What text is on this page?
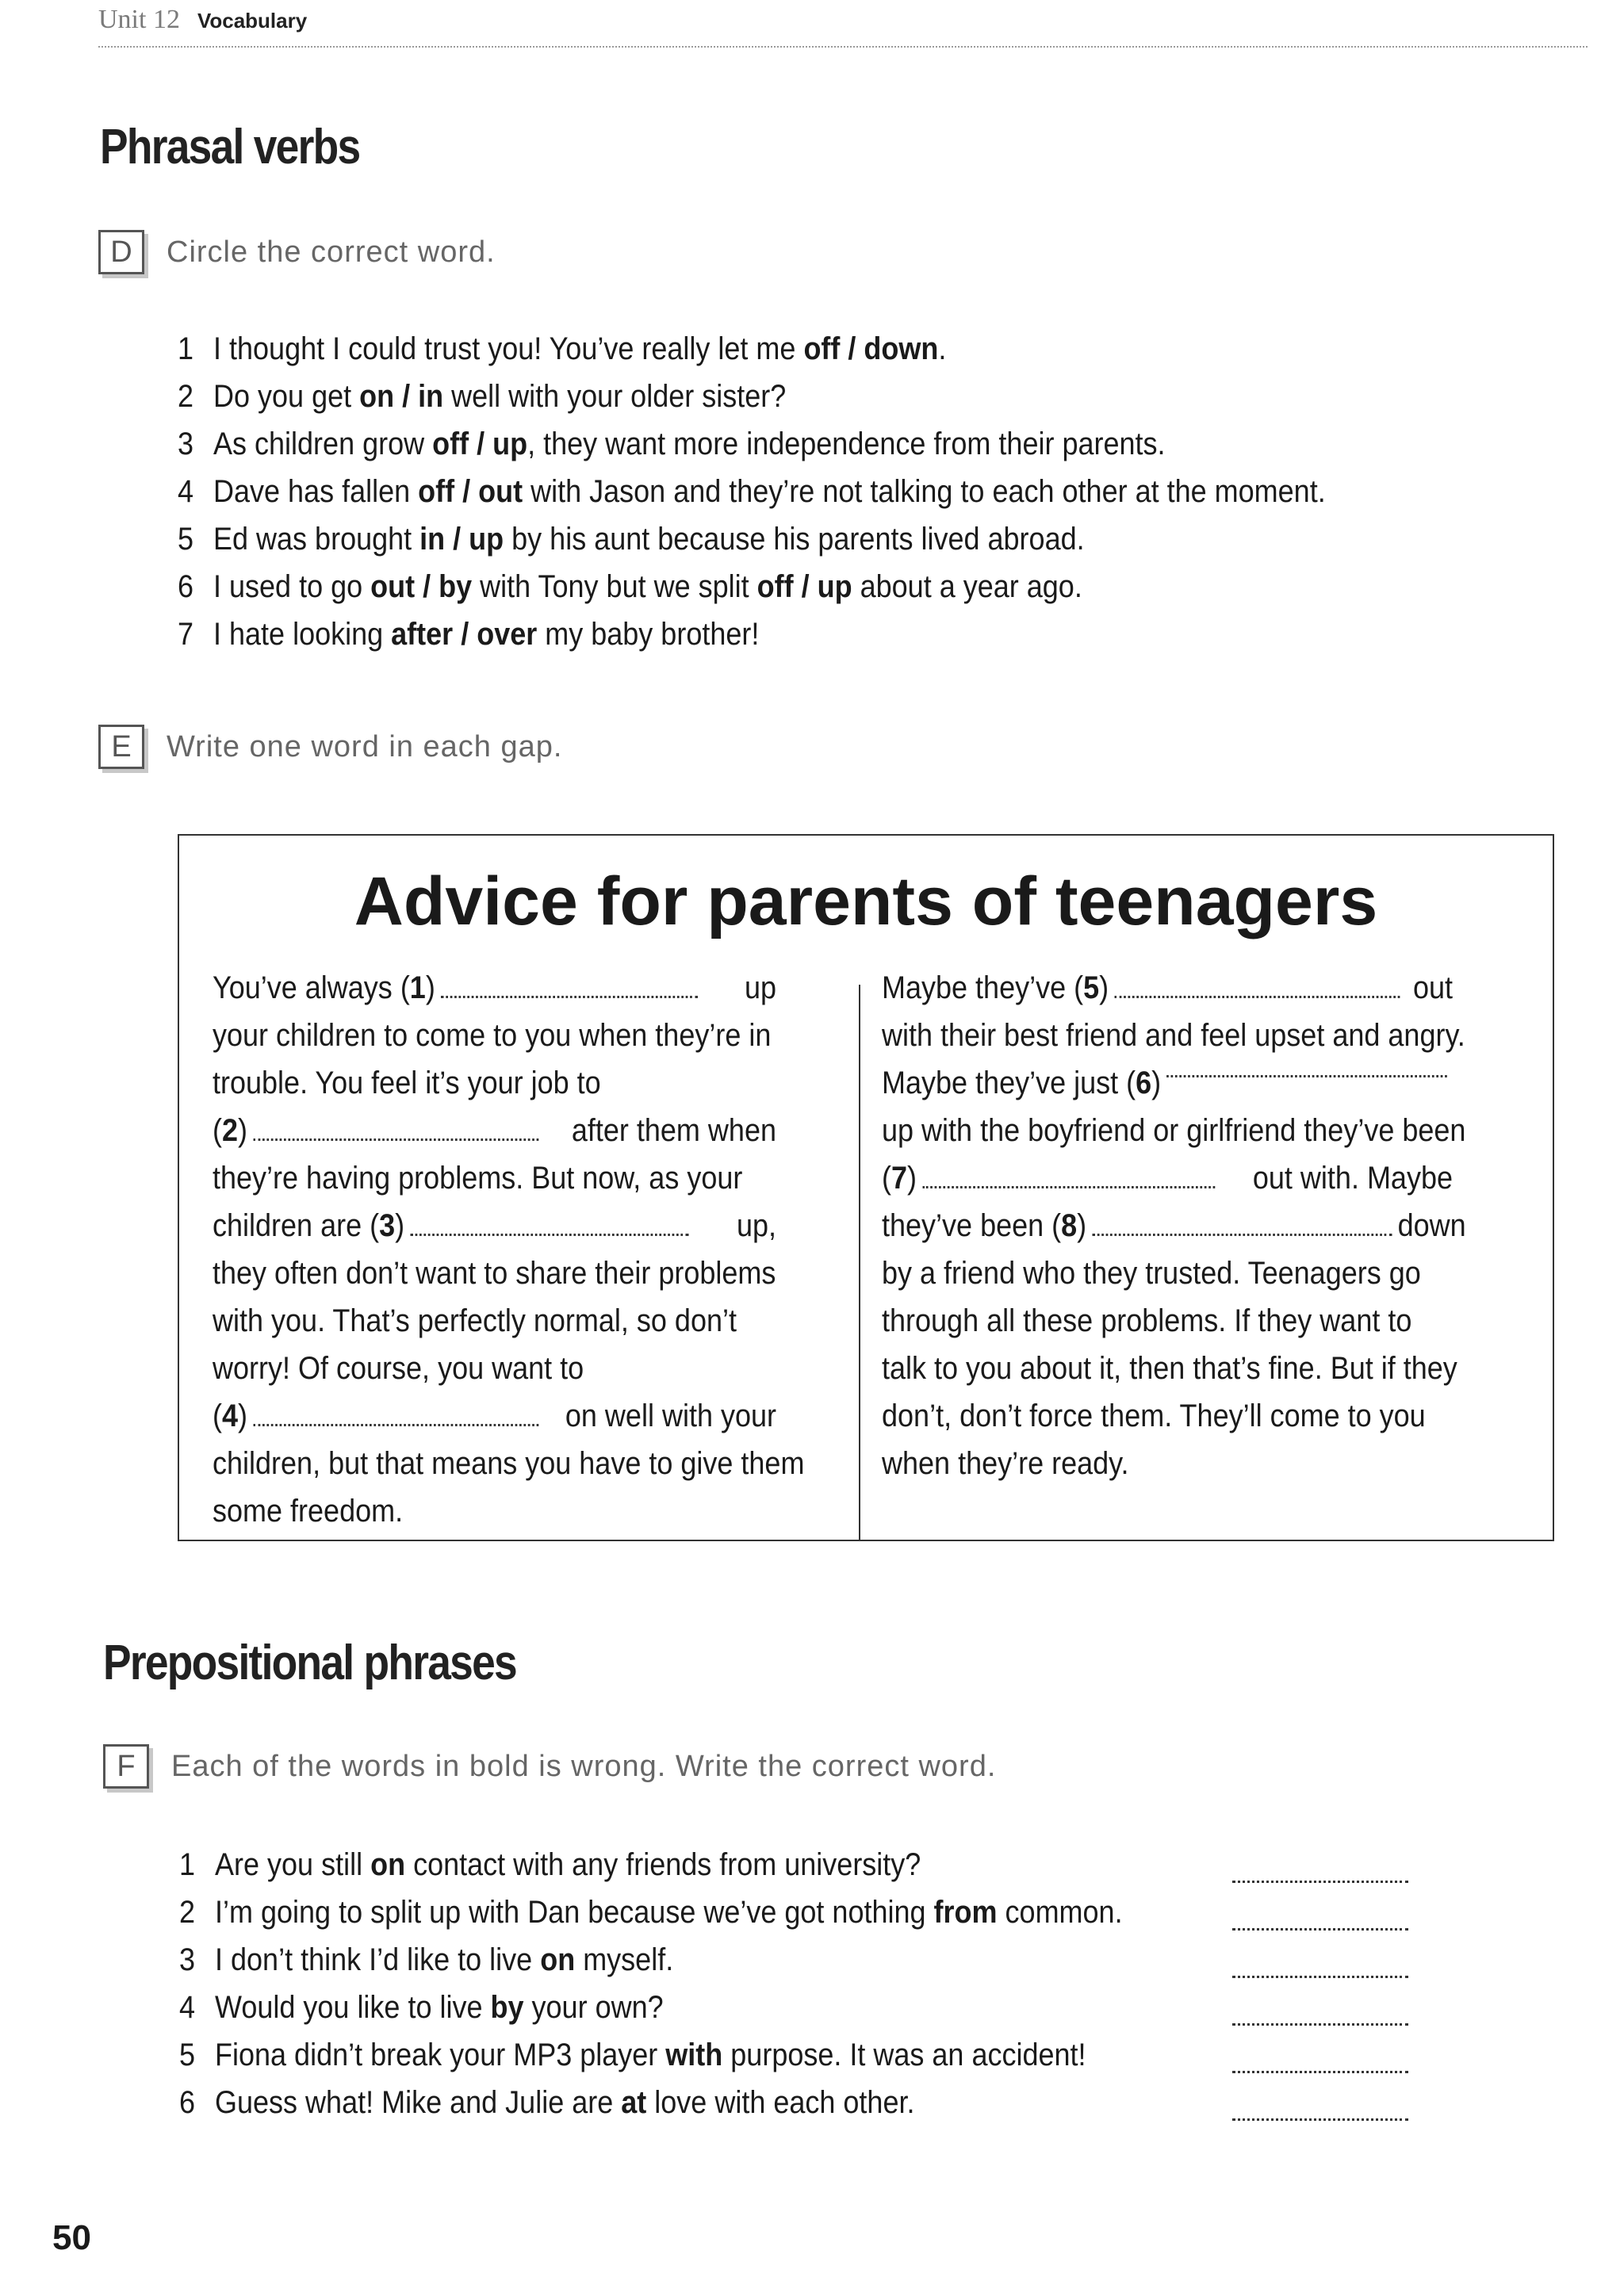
Unit 12 Vocabulary
Phrasal verbs
D	Circle the correct word.
1 I thought I could trust you! You’ve really let me off / down.
2 Do you get on / in well with your older sister?
3 As children grow off / up, they want more independence from their parents.
4 Dave has fallen off / out with Jason and they’re not talking to each other at the moment.
5 Ed was brought in / up by his aunt because his parents lived abroad.
6 I used to go out / by with Tony but we split off / up about a year ago.
7 I hate looking after / over my baby brother!
E	Write one word in each gap.
Advice for parents of teenagers
You’ve always (1)	up
your children to come to you when they’re in
trouble. You feel it’s your job to
(2)	after them when
they’re having problems. But now, as your
children are (3)	up,
they often don’t want to share their problems
with you. That’s perfectly normal, so don’t
worry! Of course, you want to
(4)	on well with your
children, but that means you have to give them
some freedom.
Maybe they’ve (5)	out
with their best friend and feel upset and angry.
Maybe they’ve just ( 6 )
up with the boyfriend or girlfriend they’ve been
(7)	out with. Maybe
they’ve been (8)	down
by a friend who they trusted. Teenagers go
through all these problems. If they want to
talk to you about it, then that’s fine. But if they
don’t, don’t force them. They’ll come to you
when they’re ready.
Prepositional phrases
F	Each of the words in bold is wrong. Write the correct word.
1 Are you still on contact with any friends from university?
2 I’m going to split up with Dan because we’ve got nothing from common.
3 I don’t think I’d like to live on myself.
4 Would you like to live by your own?
5 Fiona didn’t break your MP3 player with purpose. It was an accident!
6 Guess what! Mike and Julie are at love with each other.
50
